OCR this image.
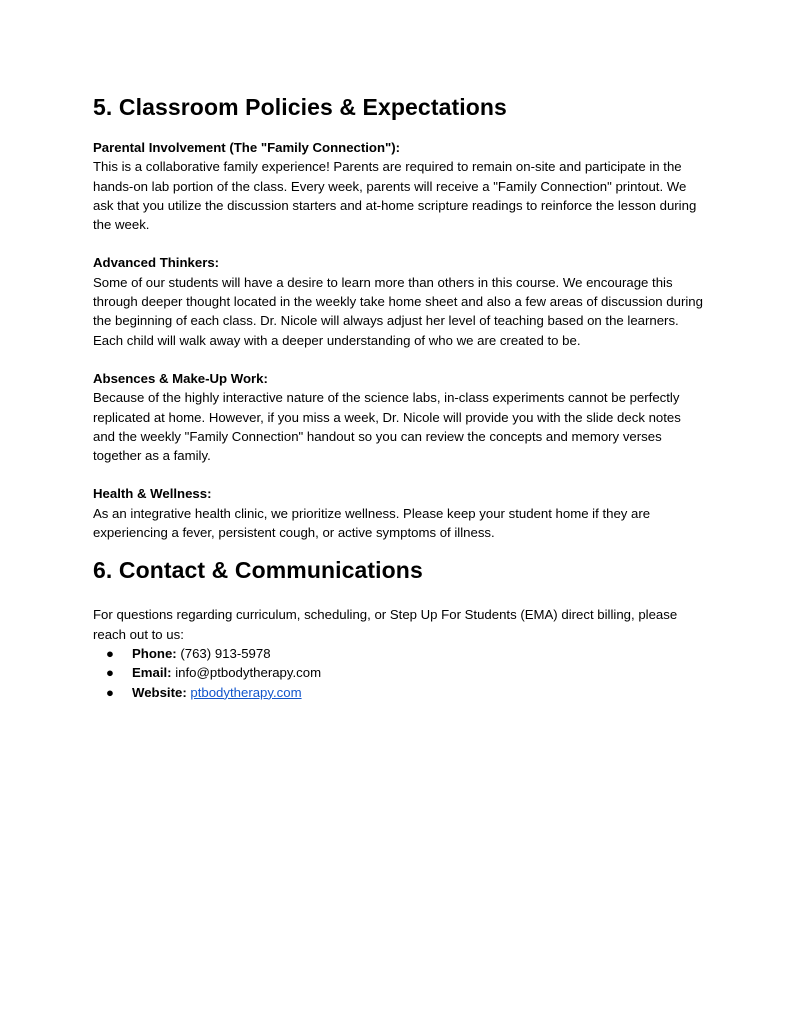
5. Classroom Policies & Expectations
Parental Involvement (The "Family Connection"):

This is a collaborative family experience! Parents are required to remain on-site and participate in the hands-on lab portion of the class. Every week, parents will receive a "Family Connection" printout. We ask that you utilize the discussion starters and at-home scripture readings to reinforce the lesson during the week.

Advanced Thinkers:

Some of our students will have a desire to learn more than others in this course. We encourage this through deeper thought located in the weekly take home sheet and also a few areas of discussion during the beginning of each class. Dr. Nicole will always adjust her level of teaching based on the learners. Each child will walk away with a deeper understanding of who we are created to be.

Absences & Make-Up Work:

Because of the highly interactive nature of the science labs, in-class experiments cannot be perfectly replicated at home. However, if you miss a week, Dr. Nicole will provide you with the slide deck notes and the weekly "Family Connection" handout so you can review the concepts and memory verses together as a family.

Health & Wellness:

As an integrative health clinic, we prioritize wellness. Please keep your student home if they are experiencing a fever, persistent cough, or active symptoms of illness.

6. Contact & Communications

For questions regarding curriculum, scheduling, or Step Up For Students (EMA) direct billing, please reach out to us:

● Phone: (763) 913-5978
● Email: info@ptbodytherapy.com
● Website: ptbodytherapy.com
